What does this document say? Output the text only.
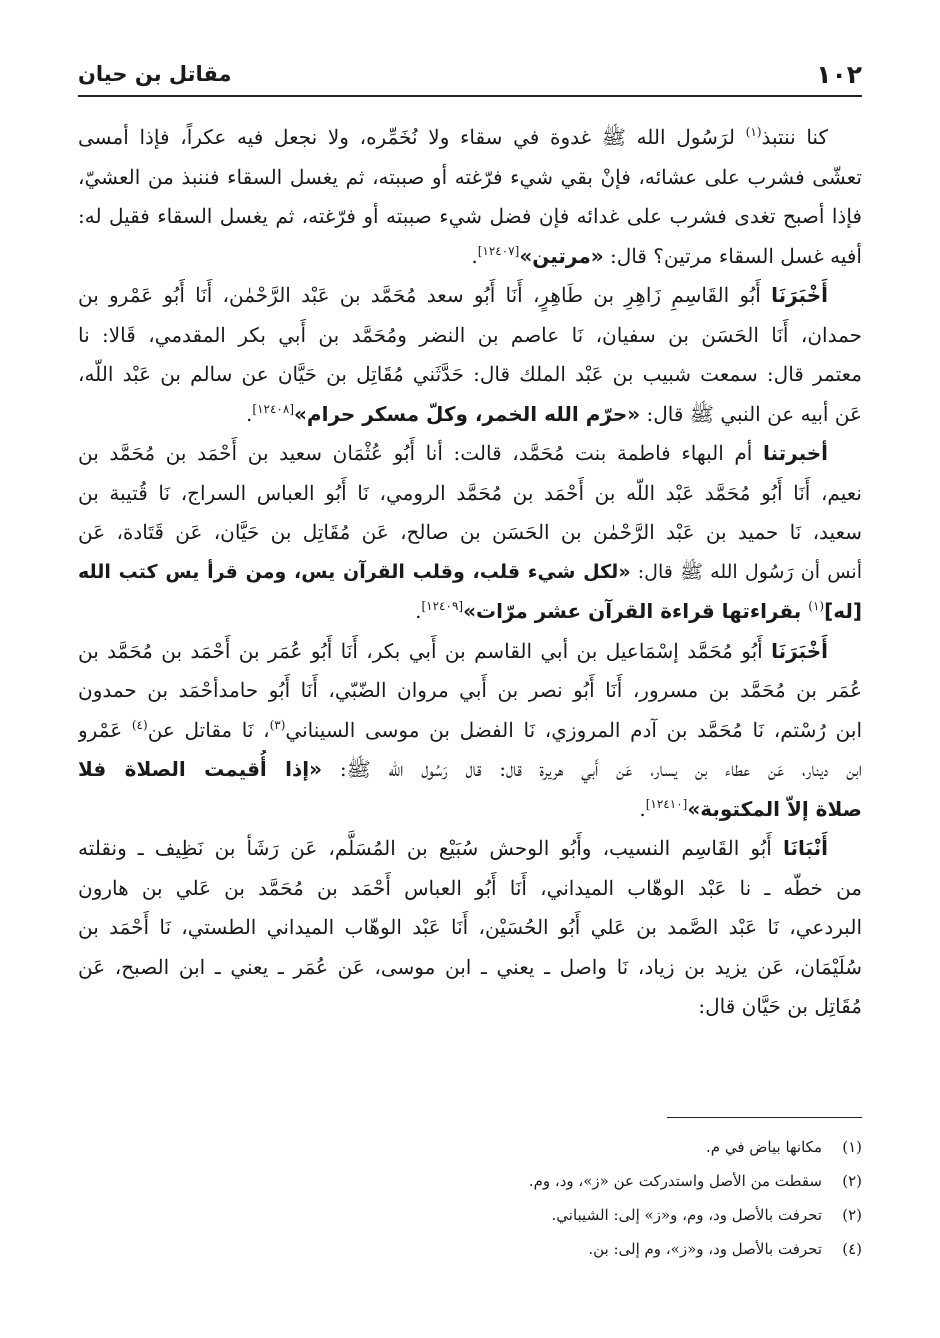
١٠٢
مقاتل بن حيان
كنا ننتبذ$^{(١)}$ لرَسُول الله ﷺ غدوة في سقاء ولا نُخَمِّره، ولا نجعل فيه عكراً، فإذا أمسى
تعشّى فشرب على عشائه، فإنْ بقي شيء فرّغته أو صببته، ثم يغسل السقاء فننبذ من العشيّ،
فإذا أصبح تغدى فشرب على غدائه فإن فضل شيء صببته أو فرّغته، ثم يغسل السقاء فقيل له:
أفيه غسل السقاء مرتين؟ قال: «مرتين»[١٢٤٠٧].
أَخْبَرَنَا أَبُو القَاسِمِ زَاهِرِ بن طَاهِرٍ، أَنَا أَبُو سعد مُحَمَّد بن عَبْد الرَّحْمٰن، أَنَا أَبُو عَمْرو بن
حمدان، أَنَا الحَسَن بن سفيان، نَا عاصم بن النضر ومُحَمَّد بن أَبي بكر المقدمي، قَالا: نا
معتمر قال: سمعت شبيب بن عَبْد الملك قال: حَدَّثَني مُقَاتِل بن حَيَّان عن سالم بن عَبْد اللّه،
عَن أبيه عن النبي ﷺ قال: «حرّم الله الخمر، وكلّ مسكر حرام»[١٢٤٠٨].
أخبرتنا أم البهاء فاطمة بنت مُحَمَّد، قالت: أنا أَبُو عُثْمَان سعيد بن أَحْمَد بن مُحَمَّد بن
نعيم، أَنَا أَبُو مُحَمَّد عَبْد اللّه بن أَحْمَد بن مُحَمَّد الرومي، نَا أَبُو العباس السراج، نَا قُتيبة بن
سعيد، نَا حميد بن عَبْد الرَّحْمٰن بن الحَسَن بن صالح، عَن مُقَاتِل بن حَيَّان، عَن قَتَادة، عَن
أنس أن رَسُول الله ﷺ قال: «لكل شيء قلب، وقلب القرآن يس، ومن قرأ يس كتب الله
[له]$^{(١)}$ بقراءتها قراءة القرآن عشر مرّات»[١٢٤٠٩].
أَخْبَرَنَا أَبُو مُحَمَّد إسْمَاعيل بن أبي القاسم بن أَبي بكر، أَنَا أَبُو عُمَر بن أَحْمَد بن مُحَمَّد بن
عُمَر بن مُحَمَّد بن مسرور، أَنَا أَبُو نصر بن أَبي مروان الضّبّي، أَنَا أَبُو حامدأحْمَد بن حمدون
ابن رُسْتم، نَا مُحَمَّد بن آدم المروزي، نَا الفضل بن موسى السيناني$^{(٣)}$، نَا مقاتل عن$^{(٤)}$ عَمْرو
ابن دينار، عَن عطاء بن يسار، عَن أَبي هريرة قال: قال رَسُول الله ﷺ: «إذا أُقيمت الصلاة فلا
صلاة إلاّ المكتوبة»[١٢٤١٠].
أَنْبَانَا أَبُو القَاسِم النسيب، وأَبُو الوحش سُبَيْع بن المُسَلَّم، عَن رَشَأ بن نَظِيف ـ ونقلته
من خطّه ـ نا عَبْد الوهّاب الميداني، أَنَا أَبُو العباس أَحْمَد بن مُحَمَّد بن عَلي بن هارون
البردعي، نَا عَبْد الصَّمد بن عَلي أَبُو الحُسَيْن، أَنَا عَبْد الوهّاب الميداني الطستي، نَا أَحْمَد بن
سُلَيْمَان، عَن يزيد بن زياد، نَا واصل ـ يعني ـ ابن موسى، عَن عُمَر ـ يعني ـ ابن الصبح، عَن
مُقَاتِل بن حَيَّان قال:
(١)مكانها بياض في م.
(٢)سقطت من الأصل واستدركت عن «ز»، ود، وم.
(٢)تحرفت بالأصل ود، وم، و«ز» إلى: الشيباني.
(٤)تحرفت بالأصل ود، و«ز»، وم إلى: بن.
